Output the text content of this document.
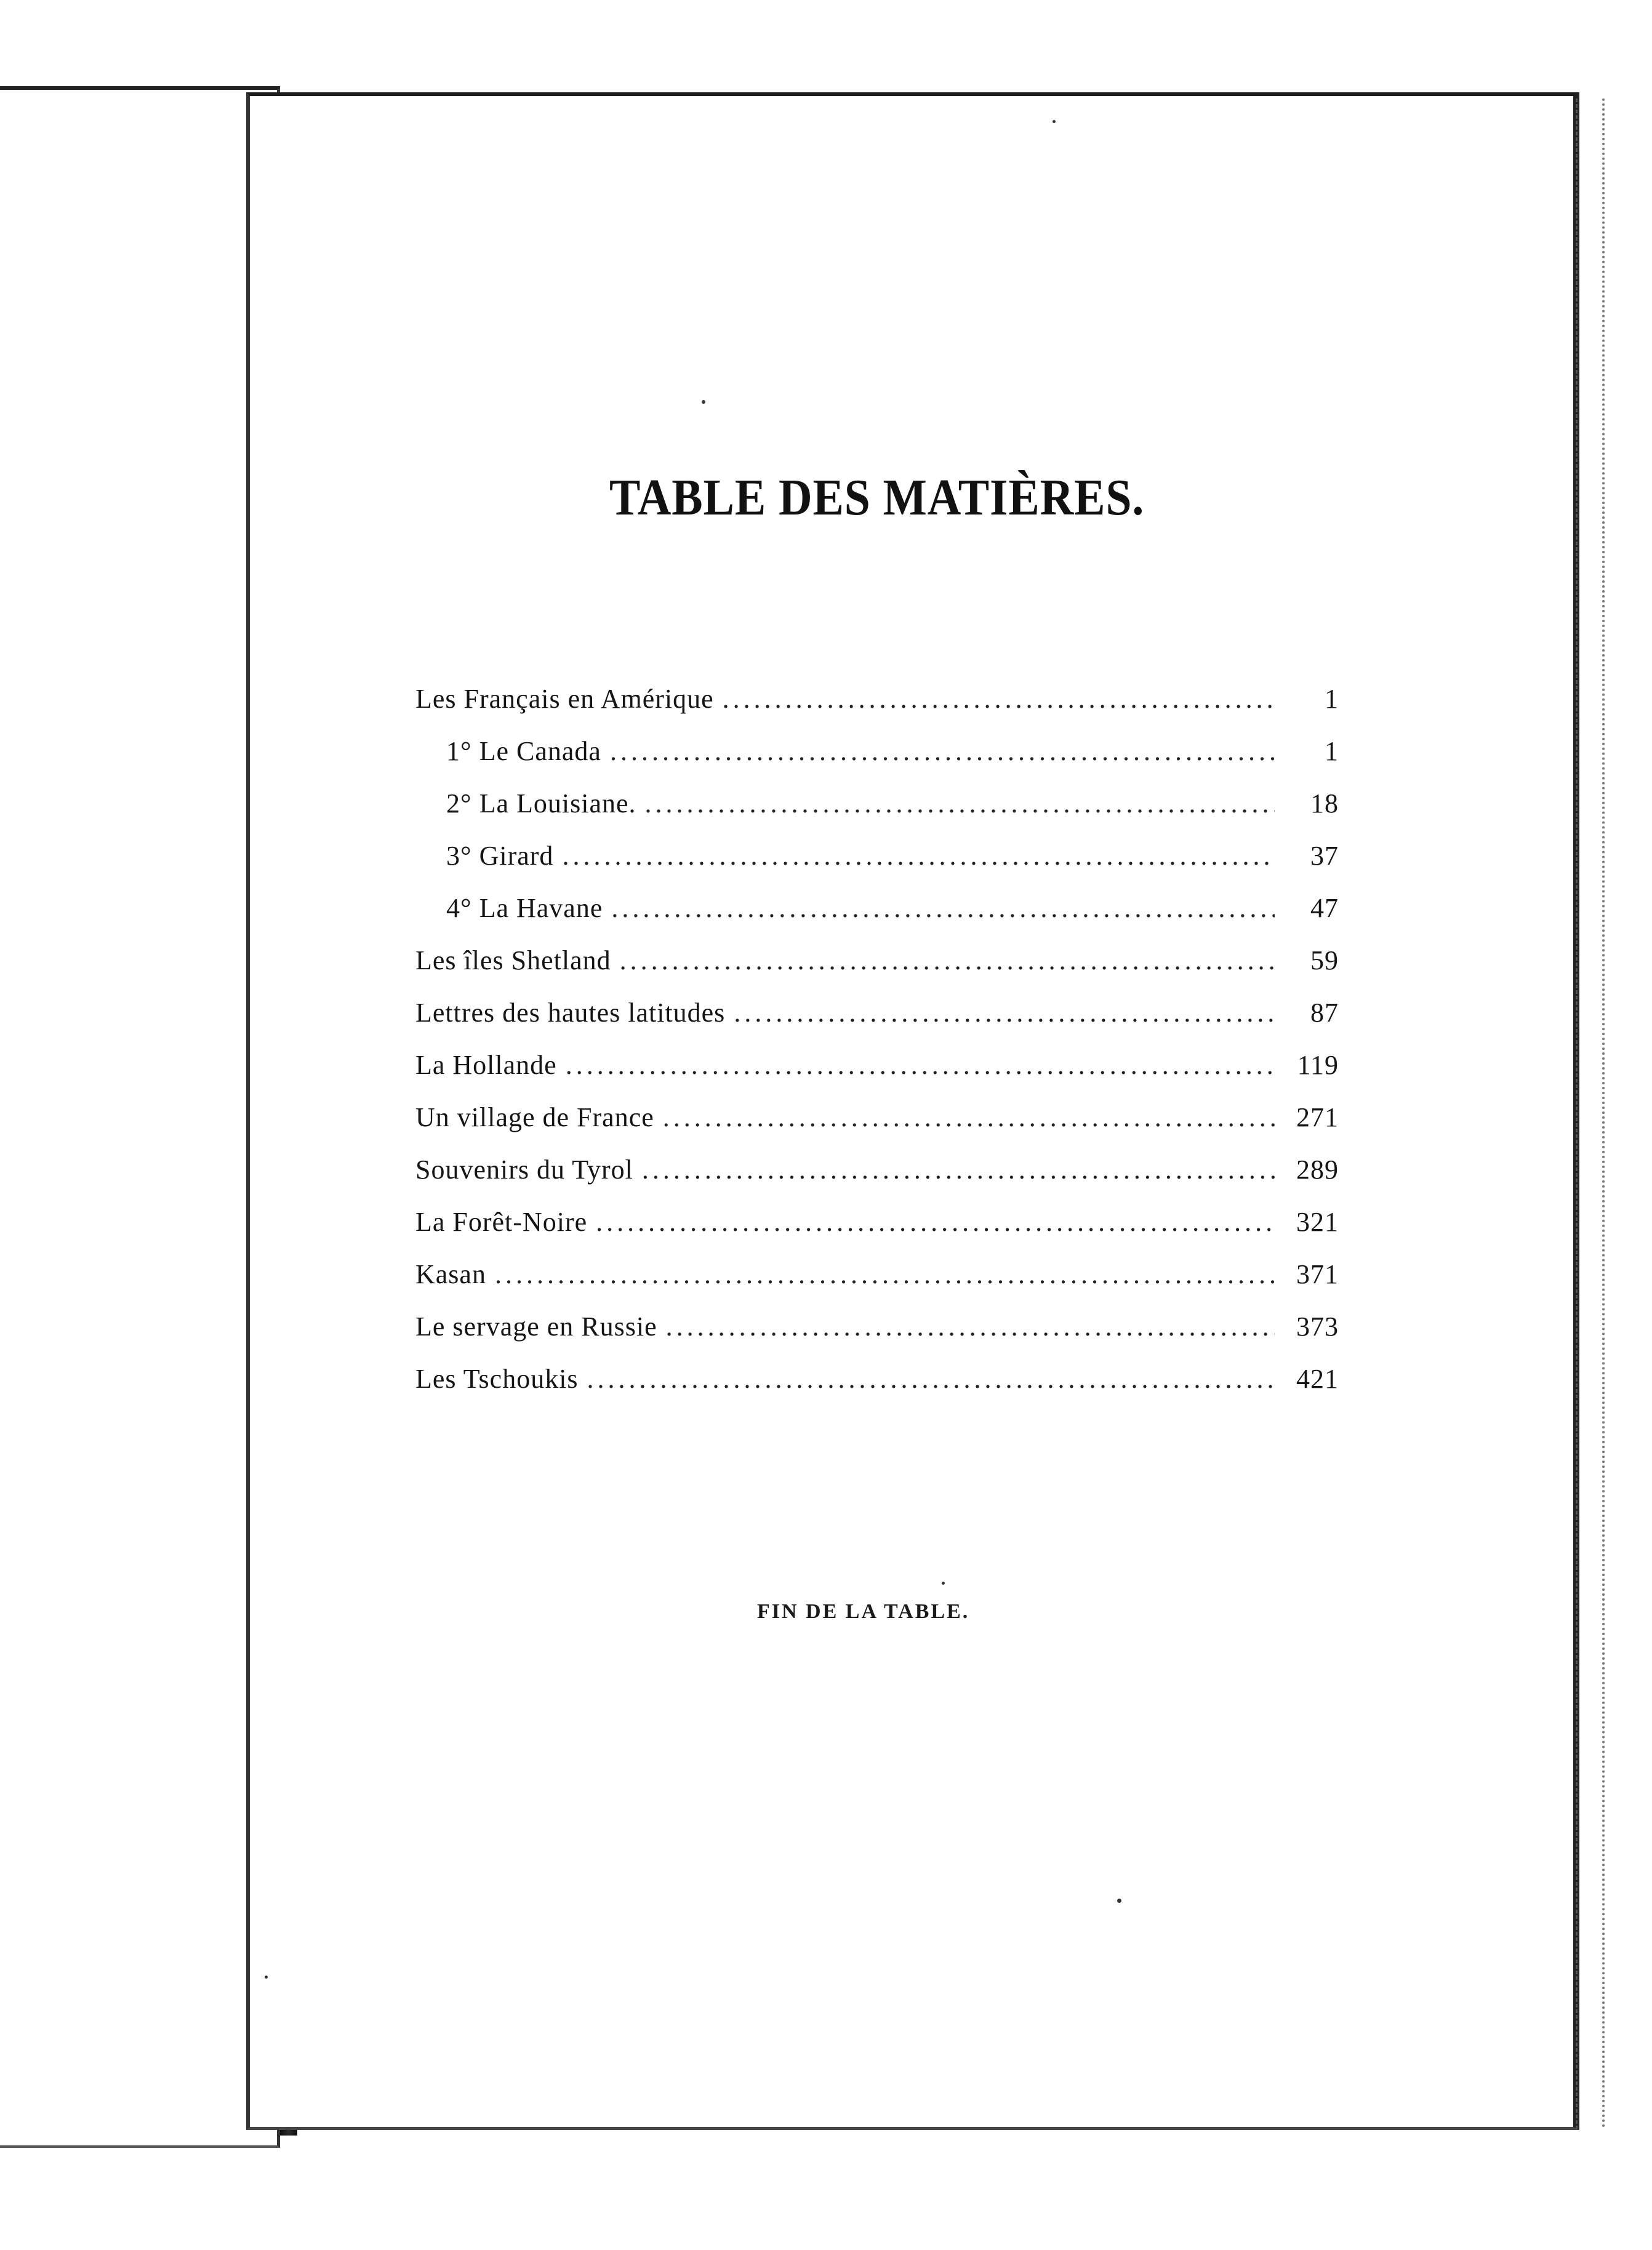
TABLE DES MATIÈRES.
Les Français en Amérique .....	1
1° Le Canada .....	1
2° La Louisiane. .....	18
3° Girard .....	37
4° La Havane .....	47
Les îles Shetland .....	59
Lettres des hautes latitudes .....	87
La Hollande .....	119
Un village de France .....	271
Souvenirs du Tyrol .....	289
La Forêt-Noire .....	321
Kasan .....	371
Le servage en Russie .....	373
Les Tschoukis .....	421
FIN DE LA TABLE.
